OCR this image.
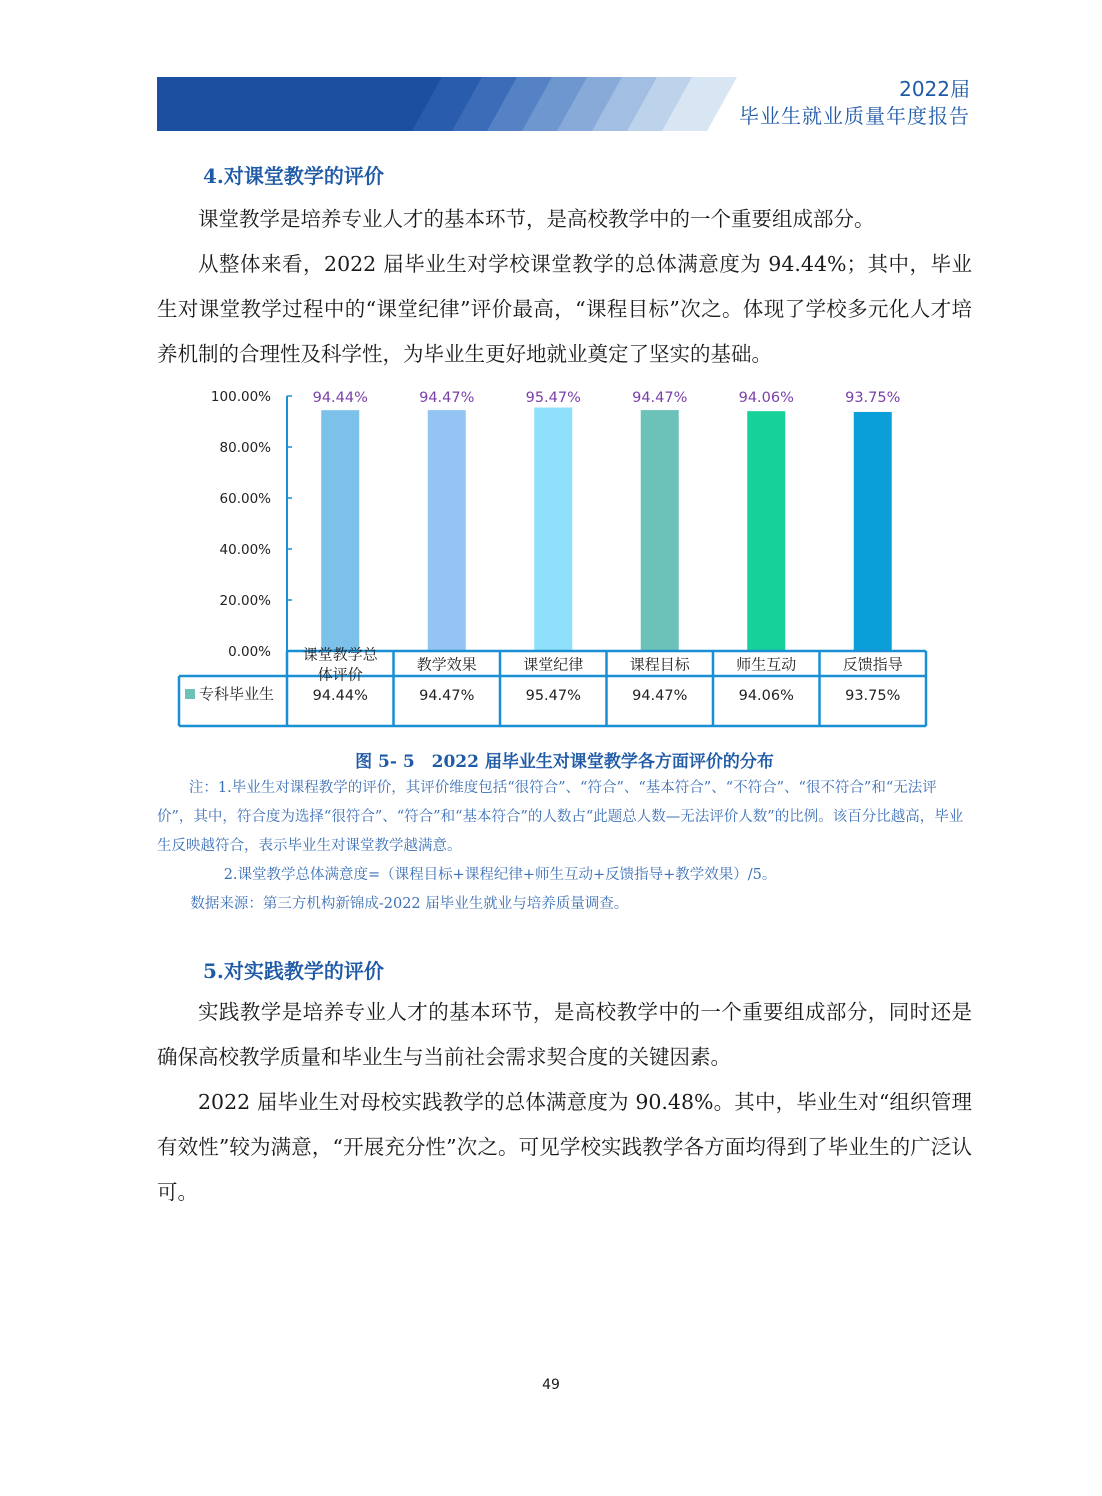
2022届
毕业生就业质量年度报告
4.对课堂教学的评价

课堂教学是培养专业人才的基本环节，是高校教学中的一个重要组成部分。

从整体来看，2022 届毕业生对学校课堂教学的总体满意度为 94.44%；其中，毕业生对课堂教学过程中的“课堂纪律”评价最高，“课程目标”次之。体现了学校多元化人才培养机制的合理性及科学性，为毕业生更好地就业奠定了坚实的基础。

100.00%
80.00%
60.00%
40.00%
20.00%
0.00%
94.44%	94.47%	95.47%	94.47%	94.06%	93.75%
课堂教学总
体评价
教学效果	课堂纪律	课程目标	师生互动	反馈指导
专科毕业生	94.44%	94.47%	95.47%	94.47%	94.06%	93.75%
图 5- 5　2022 届毕业生对课堂教学各方面评价的分布

注：1.毕业生对课程教学的评价，其评价维度包括“很符合”、“符合”、“基本符合”、“不符合”、“很不符合”和“无法评价”，其中，符合度为选择“很符合”、“符合”和“基本符合”的人数占“此题总人数—无法评价人数”的比例。该百分比越高，毕业生反映越符合，表示毕业生对课堂教学越满意。

2.课堂教学总体满意度=（课程目标+课程纪律+师生互动+反馈指导+教学效果）/5。

数据来源：第三方机构新锦成-2022 届毕业生就业与培养质量调查。

5.对实践教学的评价

实践教学是培养专业人才的基本环节，是高校教学中的一个重要组成部分，同时还是确保高校教学质量和毕业生与当前社会需求契合度的关键因素。

2022 届毕业生对母校实践教学的总体满意度为 90.48%。其中，毕业生对“组织管理有效性”较为满意，“开展充分性”次之。可见学校实践教学各方面均得到了毕业生的广泛认可。

49
